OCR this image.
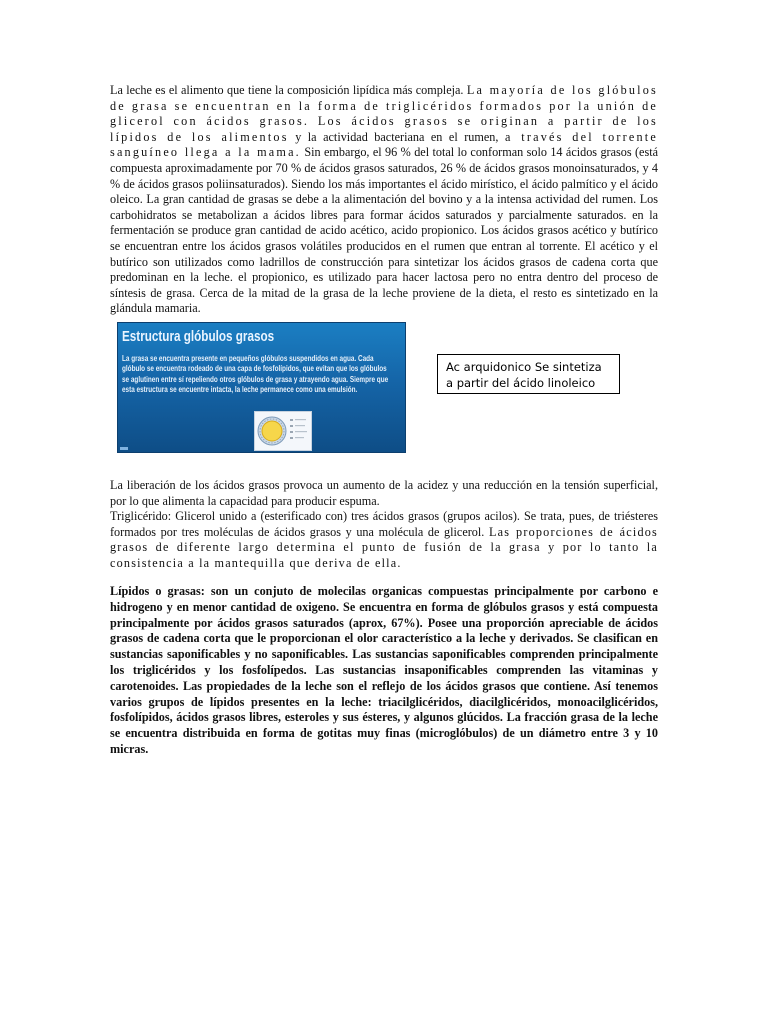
La leche es el alimento que tiene la composición lipídica más compleja. La mayoría de los glóbulos de grasa se encuentran en la forma de triglicéridos formados por la unión de glicerol con ácidos grasos. Los ácidos grasos se originan a partir de los lípidos de los alimentos y la actividad bacteriana en el rumen, a través del torrente sanguíneo llega a la mama. Sin embargo, el 96 % del total lo conforman solo 14 ácidos grasos (está compuesta aproximadamente por 70 % de ácidos grasos saturados, 26 % de ácidos grasos monoinsaturados, y 4 % de ácidos grasos poliinsaturados). Siendo los más importantes el ácido mirístico, el ácido palmítico y el ácido oleico. La gran cantidad de grasas se debe a la alimentación del bovino y a la intensa actividad del rumen. Los carbohidratos se metabolizan a ácidos libres para formar ácidos saturados y parcialmente saturados. en la fermentación se produce gran cantidad de acido acético, acido propionico. Los ácidos grasos acético y butírico se encuentran entre los ácidos grasos volátiles producidos en el rumen que entran al torrente. El acético y el butírico son utilizados como ladrillos de construcción para sintetizar los ácidos grasos de cadena corta que predominan en la leche. el propionico, es utilizado para hacer lactosa pero no entra dentro del proceso de síntesis de grasa. Cerca de la mitad de la grasa de la leche proviene de la dieta, el resto es sintetizado en la glándula mamaria.

Estructura glóbulos grasos
La grasa se encuentra presente en pequeños glóbulos suspendidos en agua. Cada glóbulo se encuentra rodeado de una capa de fosfolípidos, que evitan que los glóbulos se aglutinen entre sí repeliendo otros glóbulos de grasa y atrayendo agua. Siempre que esta estructura se encuentre intacta, la leche permanece como una emulsión.
Ac arquidonico Se sintetiza a partir del ácido linoleico

La liberación de los ácidos grasos provoca un aumento de la acidez y una reducción en la tensión superficial, por lo que alimenta la capacidad para producir espuma.
Triglicérido: Glicerol unido a (esterificado con) tres ácidos grasos (grupos acilos). Se trata, pues, de triésteres formados por tres moléculas de ácidos grasos y una molécula de glicerol. Las proporciones de ácidos grasos de diferente largo determina el punto de fusión de la grasa y por lo tanto la consistencia a la mantequilla que deriva de ella.

Lípidos o grasas: son un conjuto de molecilas organicas compuestas principalmente por carbono e hidrogeno y en menor cantidad de oxigeno. Se encuentra en forma de glóbulos grasos y está compuesta principalmente por ácidos grasos saturados (aprox, 67%). Posee una proporción apreciable de ácidos grasos de cadena corta que le proporcionan el olor característico a la leche y derivados. Se clasifican en sustancias saponificables y no saponificables. Las sustancias saponificables comprenden principalmente los triglicéridos y los fosfolípedos. Las sustancias insaponificables comprenden las vitaminas y carotenoides. Las propiedades de la leche son el reflejo de los ácidos grasos que contiene. Así tenemos varios grupos de lípidos presentes en la leche: triacilglicéridos, diacilglicéridos, monoacilglicéridos, fosfolípidos, ácidos grasos libres, esteroles y sus ésteres, y algunos glúcidos. La fracción grasa de la leche se encuentra distribuida en forma de gotitas muy finas (microglóbulos) de un diámetro entre 3 y 10 micras.
